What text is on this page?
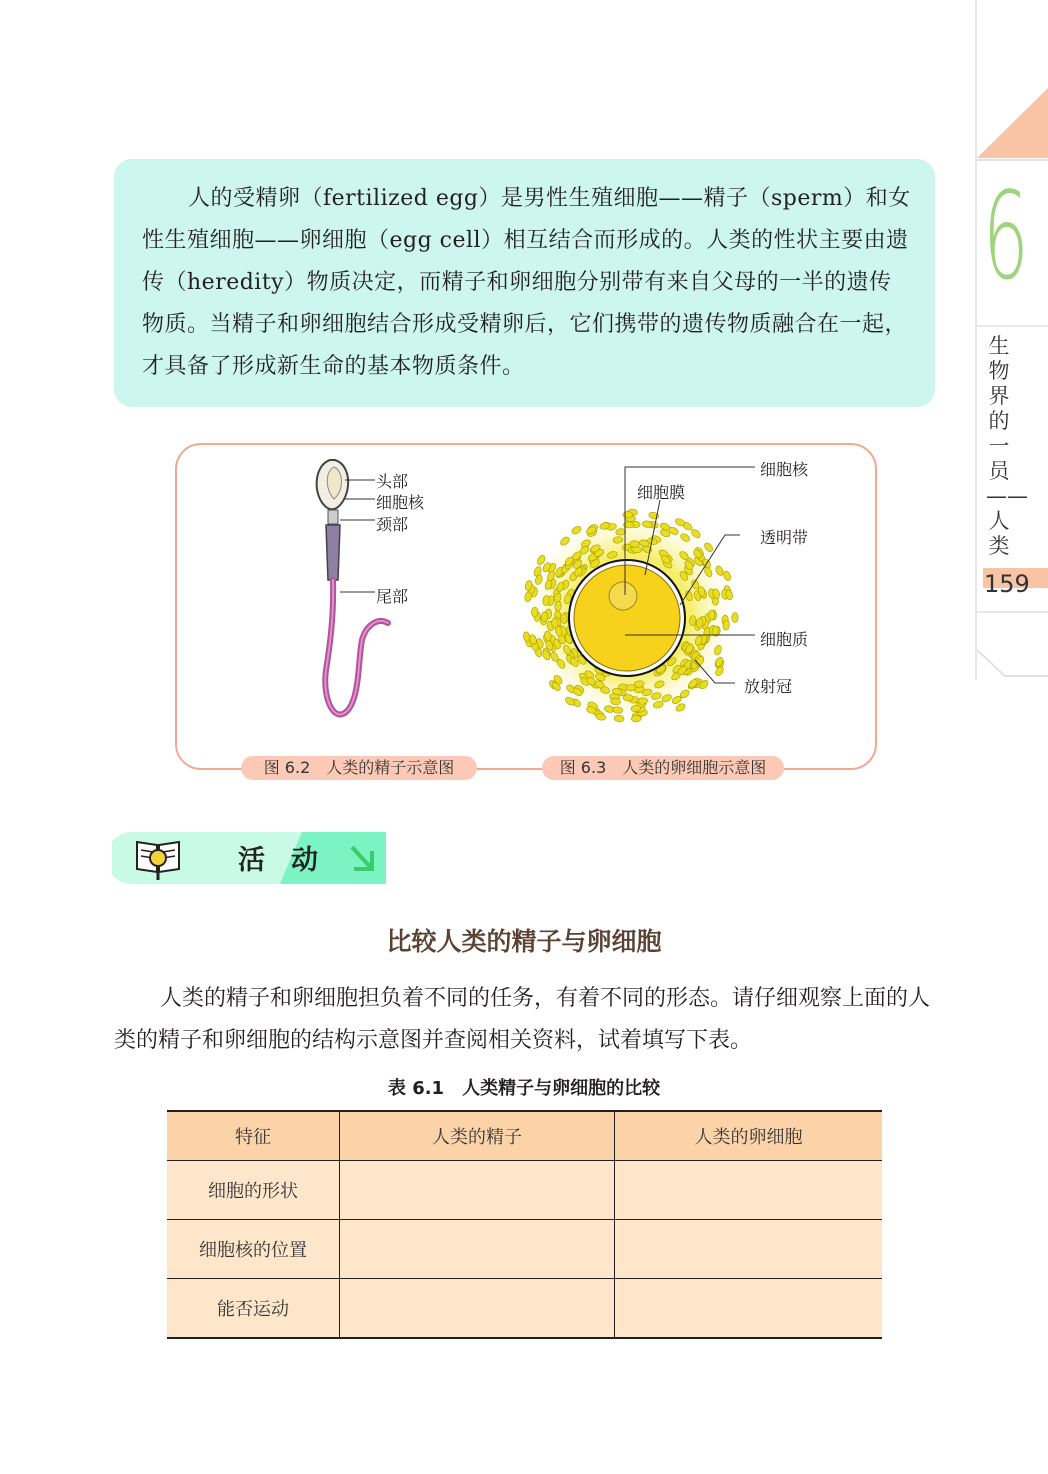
6
生物界的一员——人类
159
人的受精卵（fertilized egg）是男性生殖细胞——精子（sperm）和女性生殖细胞——卵细胞（egg cell）相互结合而形成的。人类的性状主要由遗传（heredity）物质决定，而精子和卵细胞分别带有来自父母的一半的遗传物质。当精子和卵细胞结合形成受精卵后，它们携带的遗传物质融合在一起，才具备了形成新生命的基本物质条件。
头部
细胞核
颈部
尾部
细胞核
细胞膜
透明带
细胞质
放射冠
图 6.2　人类的精子示意图	图 6.3　人类的卵细胞示意图
活动
比较人类的精子与卵细胞
人类的精子和卵细胞担负着不同的任务，有着不同的形态。请仔细观察上面的人类的精子和卵细胞的结构示意图并查阅相关资料，试着填写下表。
表 6.1　人类精子与卵细胞的比较
特征	人类的精子	人类的卵细胞
细胞的形状		
细胞核的位置		
能否运动		
